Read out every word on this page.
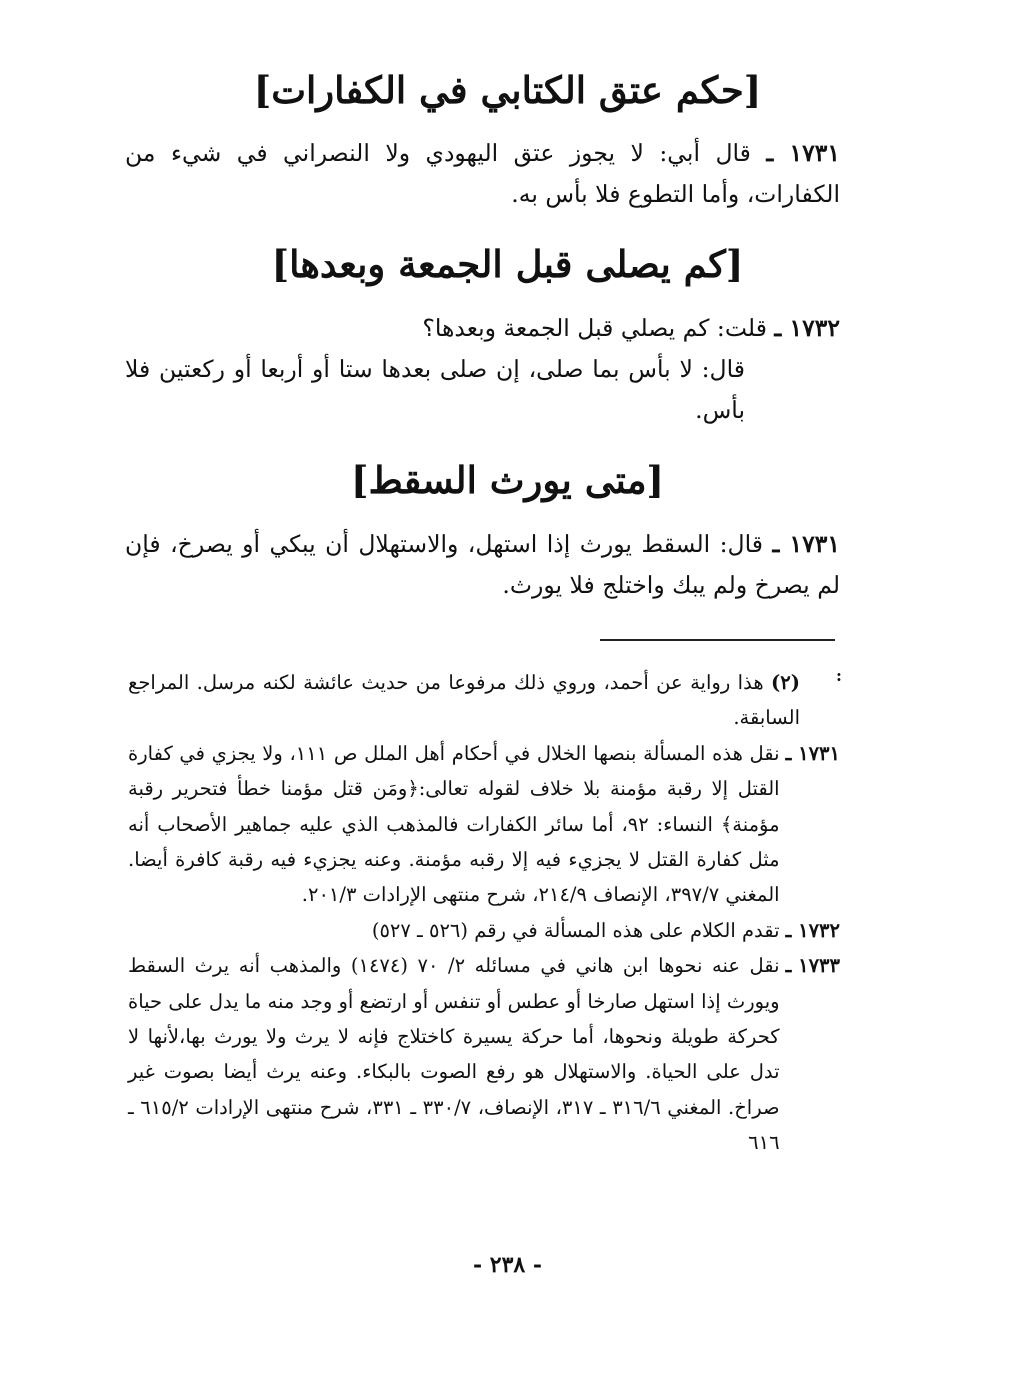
[حكم عتق الكتابي في الكفارات]

١٧٣١ ـ قال أبي: لا يجوز عتق اليهودي ولا النصراني في شيء من الكفارات، وأما التطوع فلا بأس به.

[كم يصلى قبل الجمعة وبعدها]

١٧٣٢ ـ قلت: كم يصلي قبل الجمعة وبعدها؟

قال: لا بأس بما صلى، إن صلى بعدها ستا أو أربعا أو ركعتين فلا بأس.

[متى يورث السقط]

١٧٣١ ـ قال: السقط يورث إذا استهل، والاستهلال أن يبكي أو يصرخ، فإن لم يصرخ ولم يبك واختلج فلا يورث.

:
(٢) هذا رواية عن أحمد، وروي ذلك مرفوعا من حديث عائشة لكنه مرسل. المراجع السابقة.
١٧٣١ ـ
نقل هذه المسألة بنصها الخلال في أحكام أهل الملل ص ١١١، ولا يجزي في كفارة القتل إلا رقبة مؤمنة بلا خلاف لقوله تعالى:﴿ومَن قتل مؤمنا خطأ فتحرير رقبة مؤمنة﴾ النساء: ٩٢، أما سائر الكفارات فالمذهب الذي عليه جماهير الأصحاب أنه مثل كفارة القتل لا يجزيء فيه إلا رقبه مؤمنة. وعنه يجزيء فيه رقبة كافرة أيضا. المغني ٣٩٧/٧، الإنصاف ٢١٤/٩، شرح منتهى الإرادات ٢٠١/٣.
١٧٣٢ ـ
تقدم الكلام على هذه المسألة في رقم (٥٢٦ ـ ٥٢٧)
١٧٣٣ ـ
نقل عنه نحوها ابن هاني في مسائله ٢/ ٧٠ (١٤٧٤) والمذهب أنه يرث السقط ويورث إذا استهل صارخا أو عطس أو تنفس أو ارتضع أو وجد منه ما يدل على حياة كحركة طويلة ونحوها، أما حركة يسيرة كاختلاج فإنه لا يرث ولا يورث بها،لأنها لا تدل على الحياة. والاستهلال هو رفع الصوت بالبكاء. وعنه يرث أيضا بصوت غير صراخ. المغني ٣١٦/٦ ـ ٣١٧، الإنصاف، ٣٣٠/٧ ـ ٣٣١، شرح منتهى الإرادات ٦١٥/٢ ـ ٦١٦
- ٢٣٨ -
